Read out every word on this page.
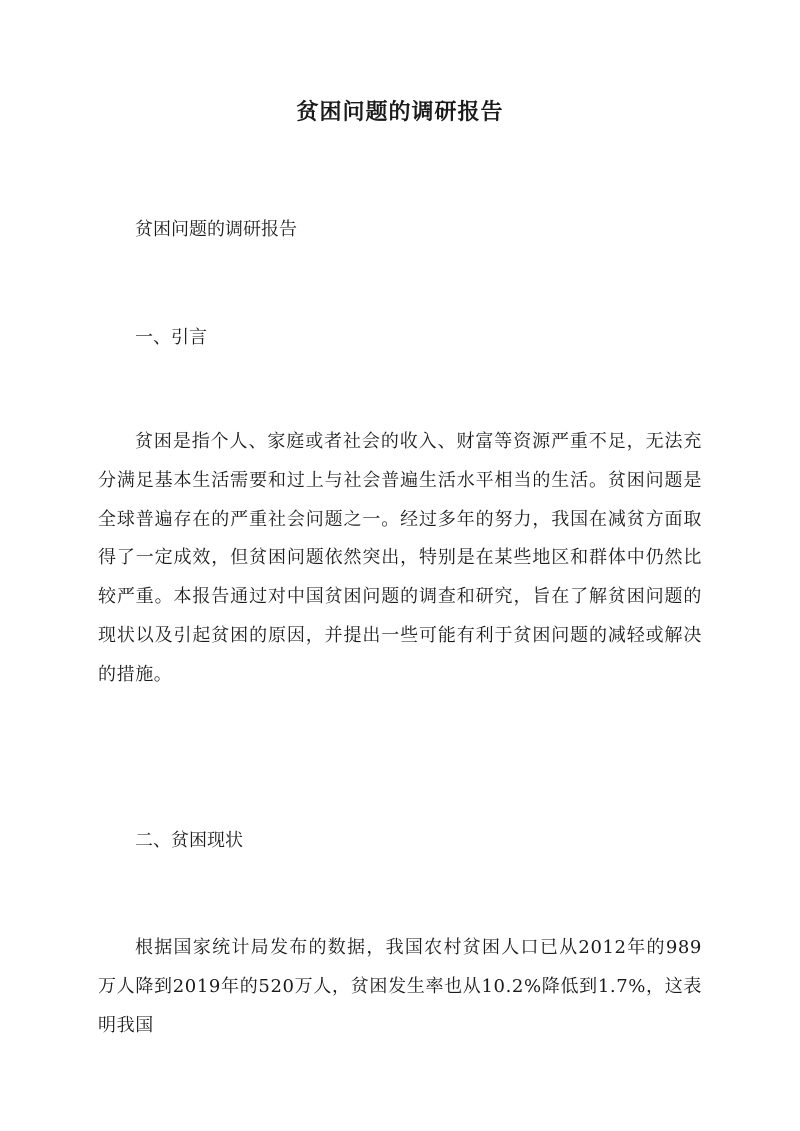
贫困问题的调研报告

贫困问题的调研报告

一、引言

贫困是指个人、家庭或者社会的收入、财富等资源严重不足，无法充分满足基本生活需要和过上与社会普遍生活水平相当的生活。贫困问题是全球普遍存在的严重社会问题之一。经过多年的努力，我国在减贫方面取得了一定成效，但贫困问题依然突出，特别是在某些地区和群体中仍然比较严重。本报告通过对中国贫困问题的调查和研究，旨在了解贫困问题的现状以及引起贫困的原因，并提出一些可能有利于贫困问题的减轻或解决的措施。

二、贫困现状

根据国家统计局发布的数据，我国农村贫困人口已从2012年的989万人降到2019年的520万人，贫困发生率也从10.2%降低到1.7%，这表明我国
